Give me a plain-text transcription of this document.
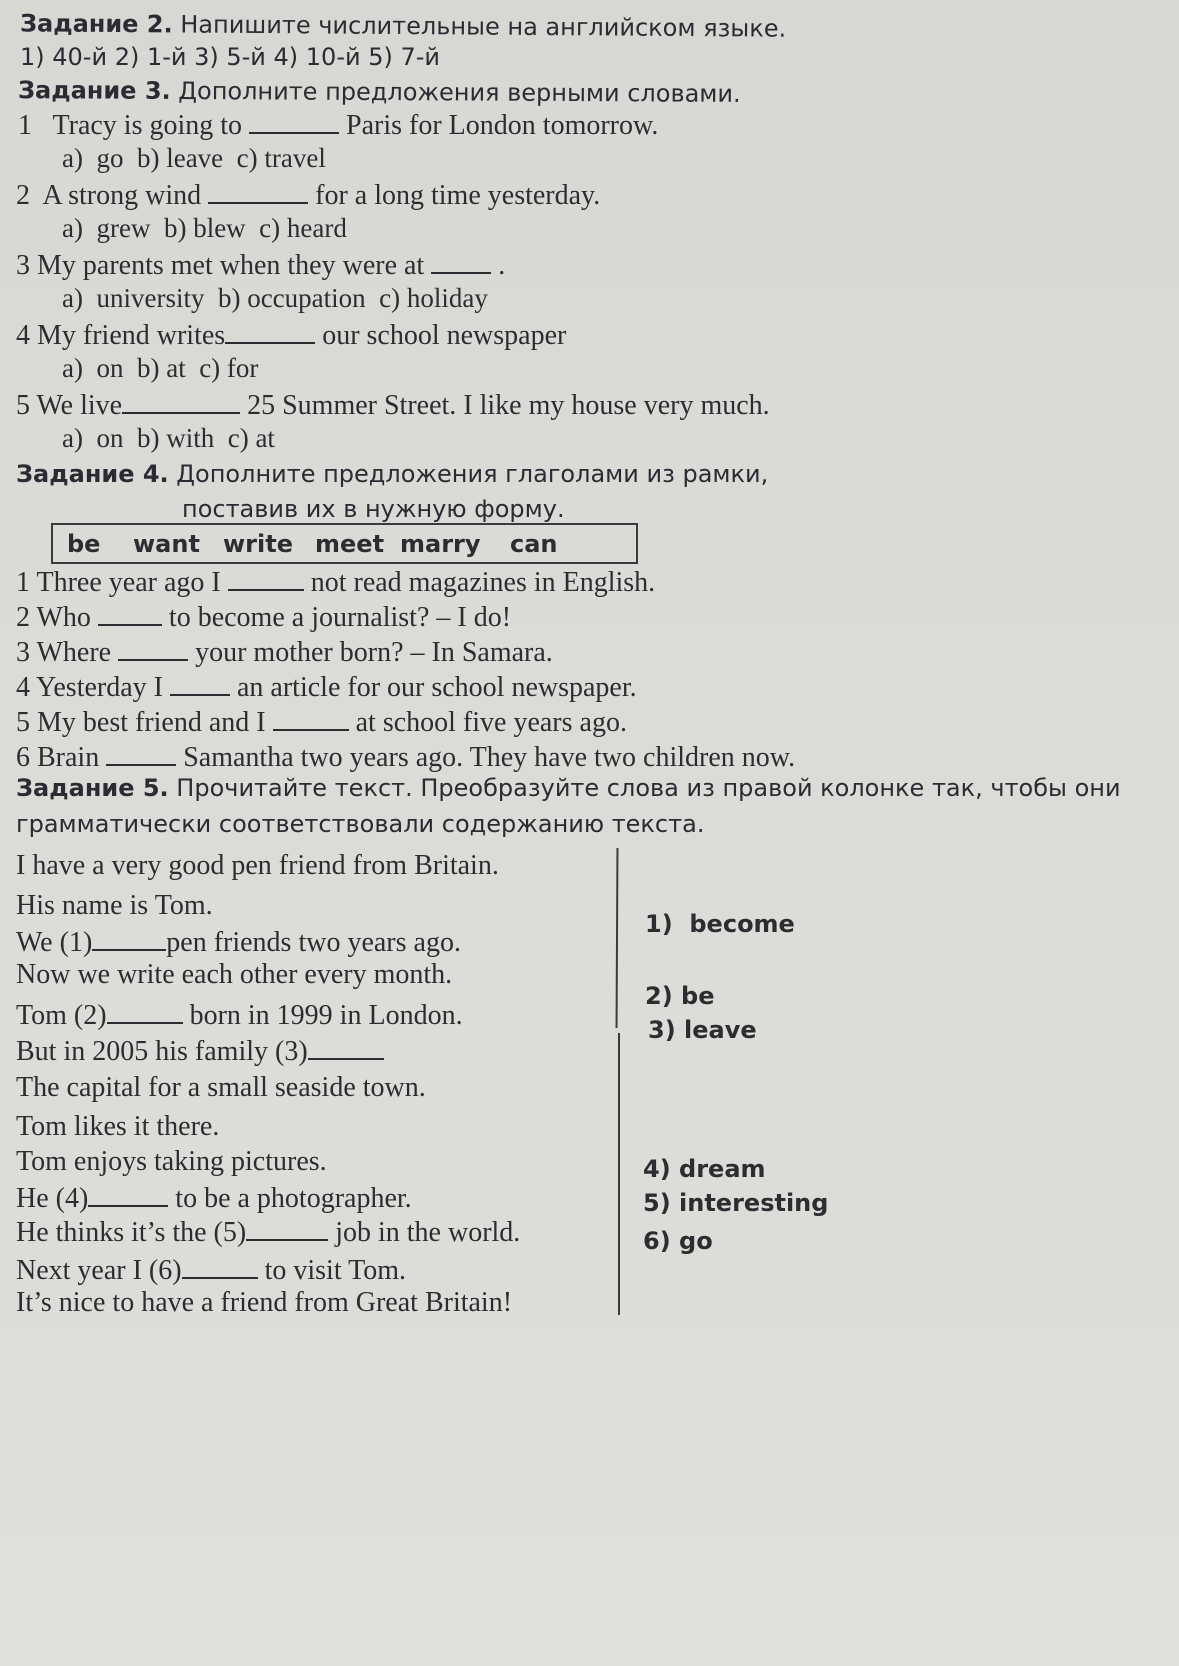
Задание 2. Напишите числительные на английском языке.
1) 40-й 2) 1-й 3) 5-й 4) 10-й 5) 7-й
Задание 3. Дополните предложения верными словами.
1   Tracy is going to	Paris for London tomorrow.
a)  go  b) leave  c) travel
2  A strong wind	for a long time yesterday.
a)  grew  b) blew  c) heard
3 My parents met when they were at  .
a)  university  b) occupation  c) holiday
4 My friend writes	our school newspaper
a)  on  b) at  c) for
5 We live	25 Summer Street. I like my house very much.
a)  on  b) with  c) at
Задание 4. Дополните предложения глаголами из рамки,
поставив их в нужную форму.
be want write meet marry can
1 Three year ago I	not read magazines in English.
2 Who  to become a journalist? – I do!
3 Where	your mother born? – In Samara.
4 Yesterday I  an article for our school newspaper.
5 My best friend and I	at school five years ago.
6 Brain	Samantha two years ago. They have two children now.
Задание 5. Прочитайте текст. Преобразуйте слова из правой колонке так, чтобы они
грамматически соответствовали содержанию текста.
I have a very good pen friend from Britain.
His name is Tom.
We (1)	pen friends two years ago.
Now we write each other every month.
Tom (2)	born in 1999 in London.
But in 2005 his family (3)
The capital for a small seaside town.
Tom likes it there.
Tom enjoys taking pictures.
He (4)	to be a photographer.
He thinks it’s the (5)	job in the world.
Next year I (6)	to visit Tom.
It’s nice to have a friend from Great Britain!
1)  become
2) be
3) leave
4) dream
5) interesting
6) go
